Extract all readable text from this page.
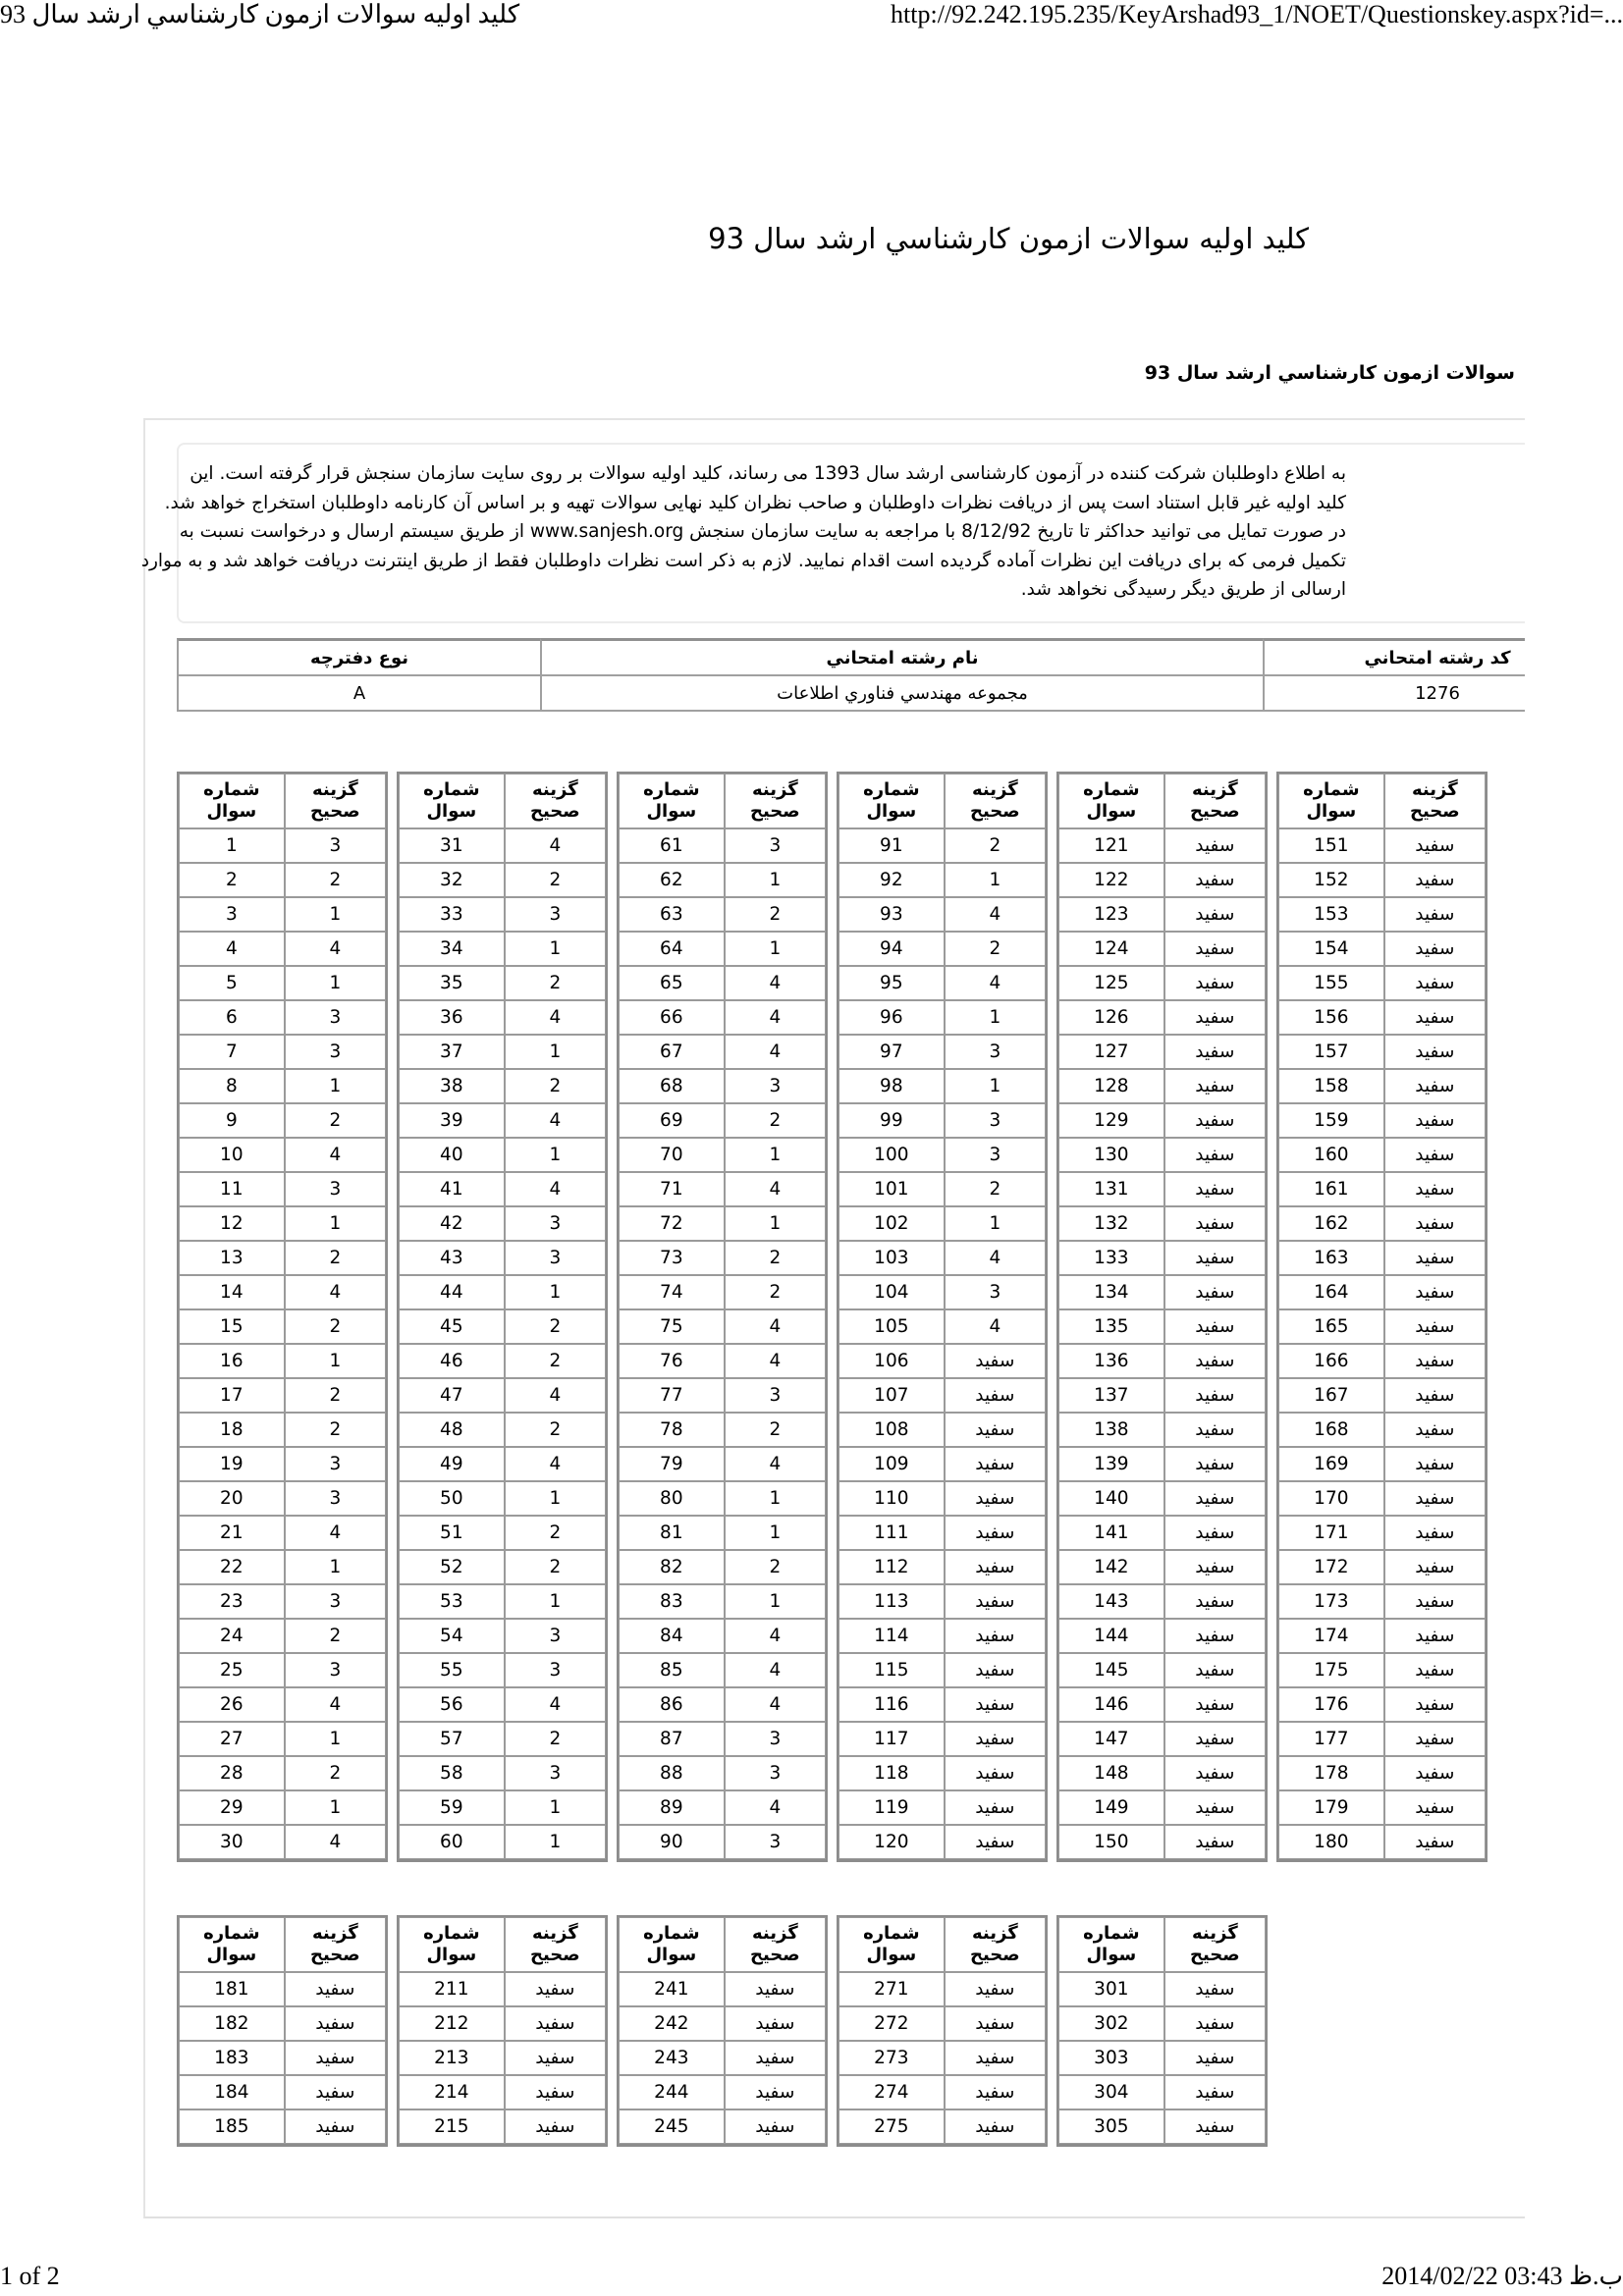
كليد اوليه سوالات ازمون كارشناسي ارشد سال 93	http://92.242.195.235/KeyArshad93_1/NOET/Questionskey.aspx?id=...
كليد اوليه سوالات ازمون كارشناسي ارشد سال 93
سوالات ازمون كارشناسي ارشد سال 93
به اطلاع داوطلبان شرکت کننده در آزمون کارشناسی ارشد سال 1393 می رساند، کلید اولیه سوالات بر روی سایت سازمان سنجش قرار گرفته است. این
کلید اولیه غیر قابل استناد است پس از دریافت نظرات داوطلبان و صاحب نظران کلید نهایی سوالات تهیه و بر اساس آن کارنامه داوطلبان استخراج خواهد شد.
در صورت تمایل می توانید حداکثر تا تاریخ 8/12/92 با مراجعه به سایت سازمان سنجش www.sanjesh.org از طریق سیستم ارسال و درخواست نسبت به
تکمیل فرمی که برای دریافت این نظرات آماده گردیده است اقدام نمایید. لازم به ذکر است نظرات داوطلبان فقط از طریق اینترنت دریافت خواهد شد و به موارد
ارسالی از طریق دیگر رسیدگی نخواهد شد.
كد رشته امتحاني	نام رشته امتحاني	نوع دفترچه
1276	مجموعه مهندسي فناوري اطلاعات	A
شماره سوال	گزينه صحيح
1	3
2	2
3	1
4	4
5	1
6	3
7	3
8	1
9	2
10	4
11	3
12	1
13	2
14	4
15	2
16	1
17	2
18	2
19	3
20	3
21	4
22	1
23	3
24	2
25	3
26	4
27	1
28	2
29	1
30	4
شماره سوال	گزينه صحيح
31	4
32	2
33	3
34	1
35	2
36	4
37	1
38	2
39	4
40	1
41	4
42	3
43	3
44	1
45	2
46	2
47	4
48	2
49	4
50	1
51	2
52	2
53	1
54	3
55	3
56	4
57	2
58	3
59	1
60	1
شماره سوال	گزينه صحيح
61	3
62	1
63	2
64	1
65	4
66	4
67	4
68	3
69	2
70	1
71	4
72	1
73	2
74	2
75	4
76	4
77	3
78	2
79	4
80	1
81	1
82	2
83	1
84	4
85	4
86	4
87	3
88	3
89	4
90	3
شماره سوال	گزينه صحيح
91	2
92	1
93	4
94	2
95	4
96	1
97	3
98	1
99	3
100	3
101	2
102	1
103	4
104	3
105	4
106	سفيد
107	سفيد
108	سفيد
109	سفيد
110	سفيد
111	سفيد
112	سفيد
113	سفيد
114	سفيد
115	سفيد
116	سفيد
117	سفيد
118	سفيد
119	سفيد
120	سفيد
شماره سوال	گزينه صحيح
121	سفيد
122	سفيد
123	سفيد
124	سفيد
125	سفيد
126	سفيد
127	سفيد
128	سفيد
129	سفيد
130	سفيد
131	سفيد
132	سفيد
133	سفيد
134	سفيد
135	سفيد
136	سفيد
137	سفيد
138	سفيد
139	سفيد
140	سفيد
141	سفيد
142	سفيد
143	سفيد
144	سفيد
145	سفيد
146	سفيد
147	سفيد
148	سفيد
149	سفيد
150	سفيد
شماره سوال	گزينه صحيح
151	سفيد
152	سفيد
153	سفيد
154	سفيد
155	سفيد
156	سفيد
157	سفيد
158	سفيد
159	سفيد
160	سفيد
161	سفيد
162	سفيد
163	سفيد
164	سفيد
165	سفيد
166	سفيد
167	سفيد
168	سفيد
169	سفيد
170	سفيد
171	سفيد
172	سفيد
173	سفيد
174	سفيد
175	سفيد
176	سفيد
177	سفيد
178	سفيد
179	سفيد
180	سفيد
شماره سوال	گزينه صحيح
181	سفيد
182	سفيد
183	سفيد
184	سفيد
185	سفيد
شماره سوال	گزينه صحيح
211	سفيد
212	سفيد
213	سفيد
214	سفيد
215	سفيد
شماره سوال	گزينه صحيح
241	سفيد
242	سفيد
243	سفيد
244	سفيد
245	سفيد
شماره سوال	گزينه صحيح
271	سفيد
272	سفيد
273	سفيد
274	سفيد
275	سفيد
شماره سوال	گزينه صحيح
301	سفيد
302	سفيد
303	سفيد
304	سفيد
305	سفيد
1 of 2	2014/02/22 03:43 ب.ظ
